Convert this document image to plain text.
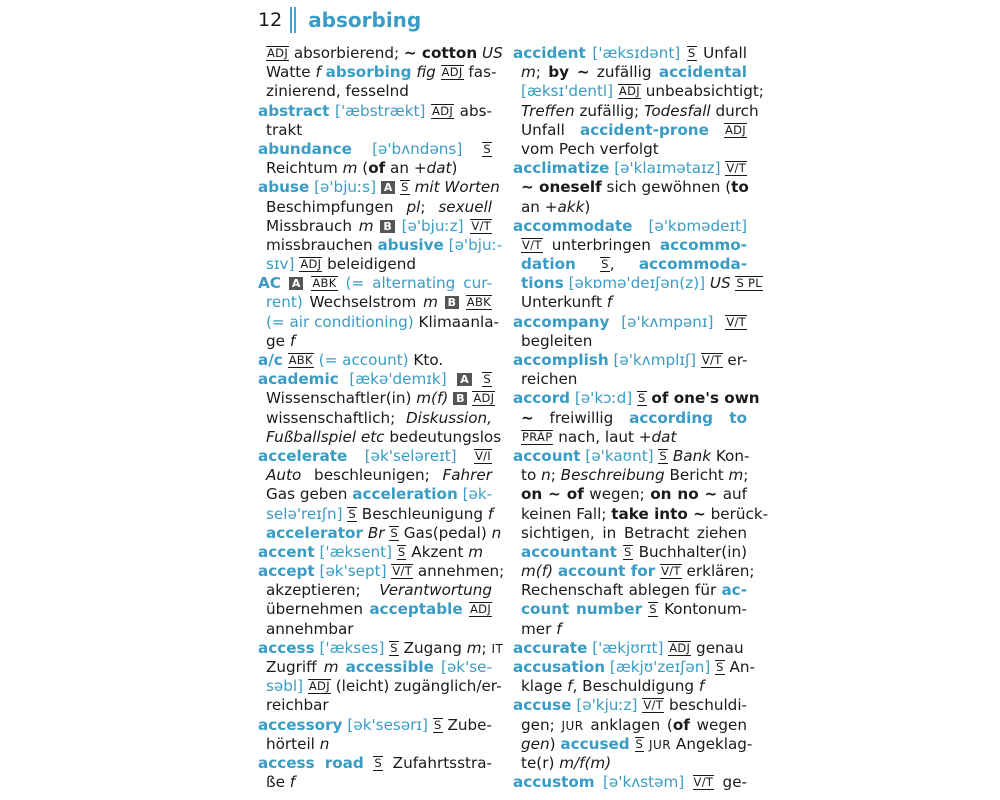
12 absorbing
ADJ absorbierend; ~ cotton US
Watte f absorbing fig ADJ fas-
zinierend, fesselnd
abstract ['æbstrækt] ADJ abs-
trakt
abundance [ə'bʌndəns] S
Reichtum m (of an +dat)
abuse [ə'bjuːs] A S mit Worten
Beschimpfungen pl; sexuell
Missbrauch m B [ə'bjuːz] V/T
missbrauchen abusive [ə'bjuː-
sɪv] ADJ beleidigend
AC A ABK (= alternating cur-
rent) Wechselstrom m B ABK
(= air conditioning) Klimaanla-
ge f
a/c ABK (= account) Kto.
academic [ækə'demɪk] A S
Wissenschaftler(in) m(f) B ADJ
wissenschaftlich; Diskussion,
Fußballspiel etc bedeutungslos
accelerate [ək'seləreɪt] V/I
Auto beschleunigen; Fahrer
Gas geben acceleration [ək-
selə'reɪʃn] S Beschleunigung f
accelerator Br S Gas(pedal) n
accent ['æksent] S Akzent m
accept [ək'sept] V/T annehmen;
akzeptieren; Verantwortung
übernehmen acceptable ADJ
annehmbar
access ['ækses] S Zugang m; IT
Zugriff m accessible [ək'se-
səbl] ADJ (leicht) zugänglich/er-
reichbar
accessory [ək'sesərɪ] S Zube-
hörteil n
access road S Zufahrtsstra-
ße f
accident ['æksɪdənt] S Unfall
m; by ~ zufällig accidental
[æksɪ'dentl] ADJ unbeabsichtigt;
Treffen zufällig; Todesfall durch
Unfall accident-prone ADJ
vom Pech verfolgt
acclimatize [ə'klaɪmətaɪz] V/T
~ oneself sich gewöhnen (to
an +akk)
accommodate [ə'kɒmədeɪt]
V/T unterbringen accommo-
dation S, accommoda-
tions [əkɒmə'deɪʃən(z)] US S PL
Unterkunft f
accompany [ə'kʌmpənɪ] V/T
begleiten
accomplish [ə'kʌmplɪʃ] V/T er-
reichen
accord [ə'kɔːd] S of one's own
~ freiwillig according to
PRÄP nach, laut +dat
account [ə'kaʊnt] S Bank Kon-
to n; Beschreibung Bericht m;
on ~ of wegen; on no ~ auf
keinen Fall; take into ~ berück-
sichtigen, in Betracht ziehen
accountant S Buchhalter(in)
m(f) account for V/T erklären;
Rechenschaft ablegen für ac-
count number S Kontonum-
mer f
accurate ['ækjʊrɪt] ADJ genau
accusation [ækjʊ'zeɪʃən] S An-
klage f, Beschuldigung f
accuse [ə'kjuːz] V/T beschuldi-
gen; JUR anklagen (of wegen
gen) accused S JUR Angeklag-
te(r) m/f(m)
accustom [ə'kʌstəm] V/T ge-
